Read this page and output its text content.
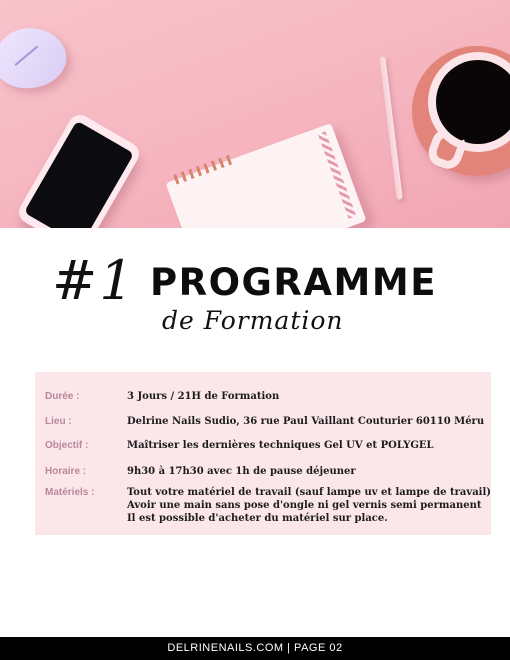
#1 PROGRAMME
de Formation
Durée :	3 Jours / 21H de Formation
Lieu :	Delrine Nails Sudio, 36 rue Paul Vaillant Couturier 60110 Méru
Objectif :	Maîtriser les dernières techniques Gel UV et POLYGEL
Horaire :	9h30 à 17h30 avec 1h de pause déjeuner
Matériels :	Tout votre matériel de travail (sauf lampe uv et lampe de travail)
Avoir une main sans pose d'ongle ni gel vernis semi permanent
Il est possible d'acheter du matériel sur place.
DELRINENAILS.COM | PAGE 02
